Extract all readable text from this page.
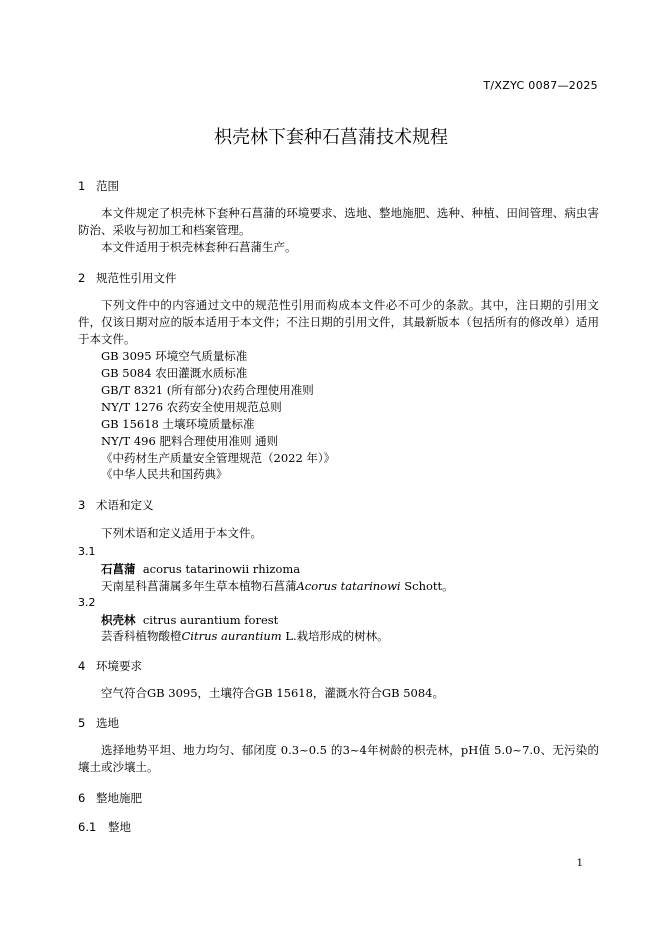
T/XZYC 0087—2025
枳壳林下套种石菖蒲技术规程
1 范围

本文件规定了枳壳林下套种石菖蒲的环境要求、选地、整地施肥、选种、种植、田间管理、病虫害防治、采收与初加工和档案管理。

本文件适用于枳壳林套种石菖蒲生产。

2 规范性引用文件

下列文件中的内容通过文中的规范性引用而构成本文件必不可少的条款。其中，注日期的引用文件，仅该日期对应的版本适用于本文件；不注日期的引用文件，其最新版本（包括所有的修改单）适用于本文件。

GB 3095 环境空气质量标准
GB 5084 农田灌溉水质标准
GB/T 8321 (所有部分)农药合理使用准则
NY/T 1276 农药安全使用规范总则
GB 15618 土壤环境质量标准
NY/T 496 肥料合理使用准则 通则
《中药材生产质量安全管理规范（2022 年）》
《中华人民共和国药典》
3 术语和定义
下列术语和定义适用于本文件。
3.1
石菖蒲 acorus tatarinowii rhizoma
天南星科菖蒲属多年生草本植物石菖蒲Acorus tatarinowi Schott。
3.2
枳壳林 citrus aurantium forest
芸香科植物酸橙Citrus aurantium L.栽培形成的树林。
4 环境要求
空气符合GB 3095，土壤符合GB 15618，灌溉水符合GB 5084。
5 选地

选择地势平坦、地力均匀、郁闭度 0.3~0.5 的3~4年树龄的枳壳林，pH值 5.0~7.0、无污染的壤土或沙壤土。

6 整地施肥
6.1 整地
1
